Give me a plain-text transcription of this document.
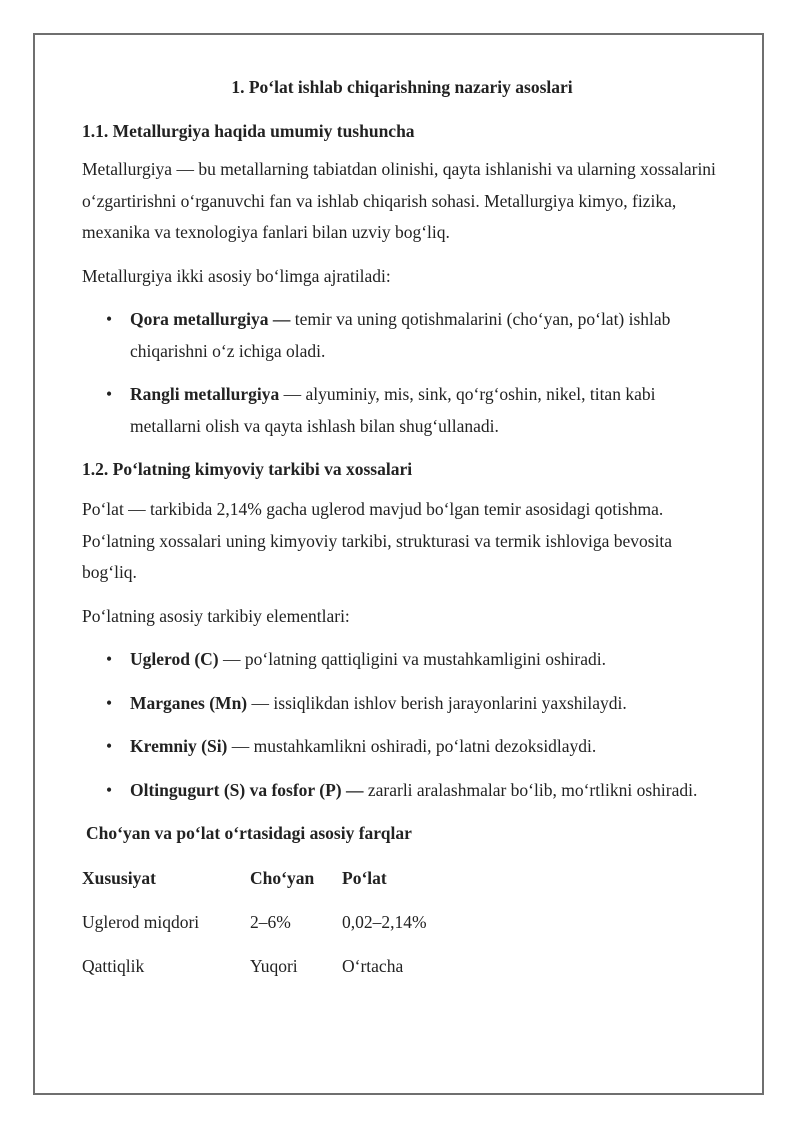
1. Po‘lat ishlab chiqarishning nazariy asoslari

1.1. Metallurgiya haqida umumiy tushuncha

Metallurgiya — bu metallarning tabiatdan olinishi, qayta ishlanishi va ularning xossalarini o‘zgartirishni o‘rganuvchi fan va ishlab chiqarish sohasi. Metallurgiya kimyo, fizika, mexanika va texnologiya fanlari bilan uzviy bog‘liq.

Metallurgiya ikki asosiy bo‘limga ajratiladi:

• Qora metallurgiya — temir va uning qotishmalarini (cho‘yan, po‘lat) ishlab chiqarishni o‘z ichiga oladi.
• Rangli metallurgiya — alyuminiy, mis, sink, qo‘rg‘oshin, nikel, titan kabi metallarni olish va qayta ishlash bilan shug‘ullanadi.

1.2. Po‘latning kimyoviy tarkibi va xossalari

Po‘lat — tarkibida 2,14% gacha uglerod mavjud bo‘lgan temir asosidagi qotishma. Po‘latning xossalari uning kimyoviy tarkibi, strukturasi va termik ishloviga bevosita bog‘liq.

Po‘latning asosiy tarkibiy elementlari:

• Uglerod (C) — po‘latning qattiqligini va mustahkamligini oshiradi.
• Marganes (Mn) — issiqlikdan ishlov berish jarayonlarini yaxshilaydi.
• Kremniy (Si) — mustahkamlikni oshiradi, po‘latni dezoksidlaydi.
• Oltingugurt (S) va fosfor (P) — zararli aralashmalar bo‘lib, mo‘rtlikni oshiradi.

Cho‘yan va po‘lat o‘rtasidagi asosiy farqlar

Xususiyat	Cho‘yan	Po‘lat
Uglerod miqdori	2–6%	0,02–2,14%
Qattiqlik	Yuqori	O‘rtacha
